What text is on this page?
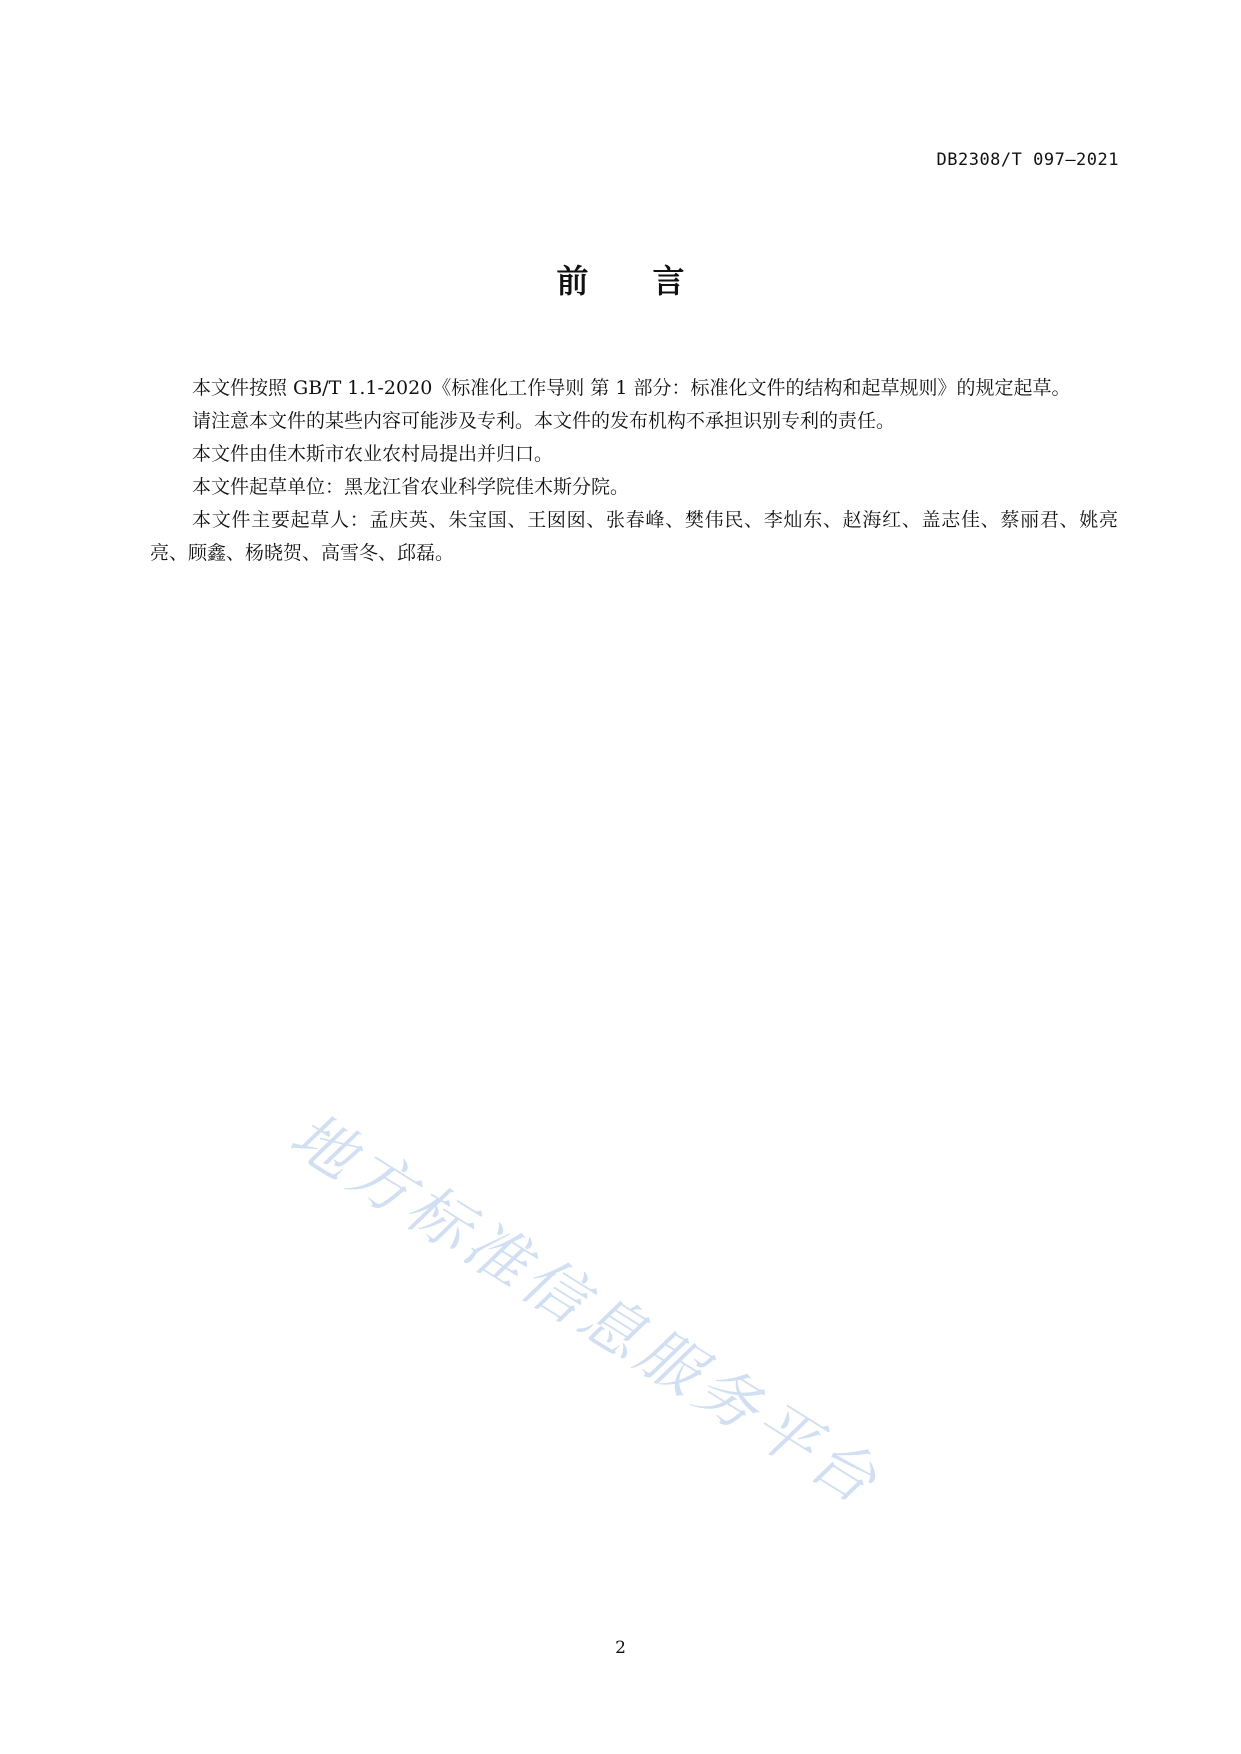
DB2308/T 097—2021
前言

本文件按照 GB/T 1.1-2020《标准化工作导则 第 1 部分：标准化文件的结构和起草规则》的规定起草。

请注意本文件的某些内容可能涉及专利。本文件的发布机构不承担识别专利的责任。

本文件由佳木斯市农业农村局提出并归口。

本文件起草单位：黑龙江省农业科学院佳木斯分院。

本文件主要起草人：孟庆英、朱宝国、王囡囡、张春峰、樊伟民、李灿东、赵海红、盖志佳、蔡丽君、姚亮亮、顾鑫、杨晓贺、高雪冬、邱磊。

地方标准信息服务平台
2
